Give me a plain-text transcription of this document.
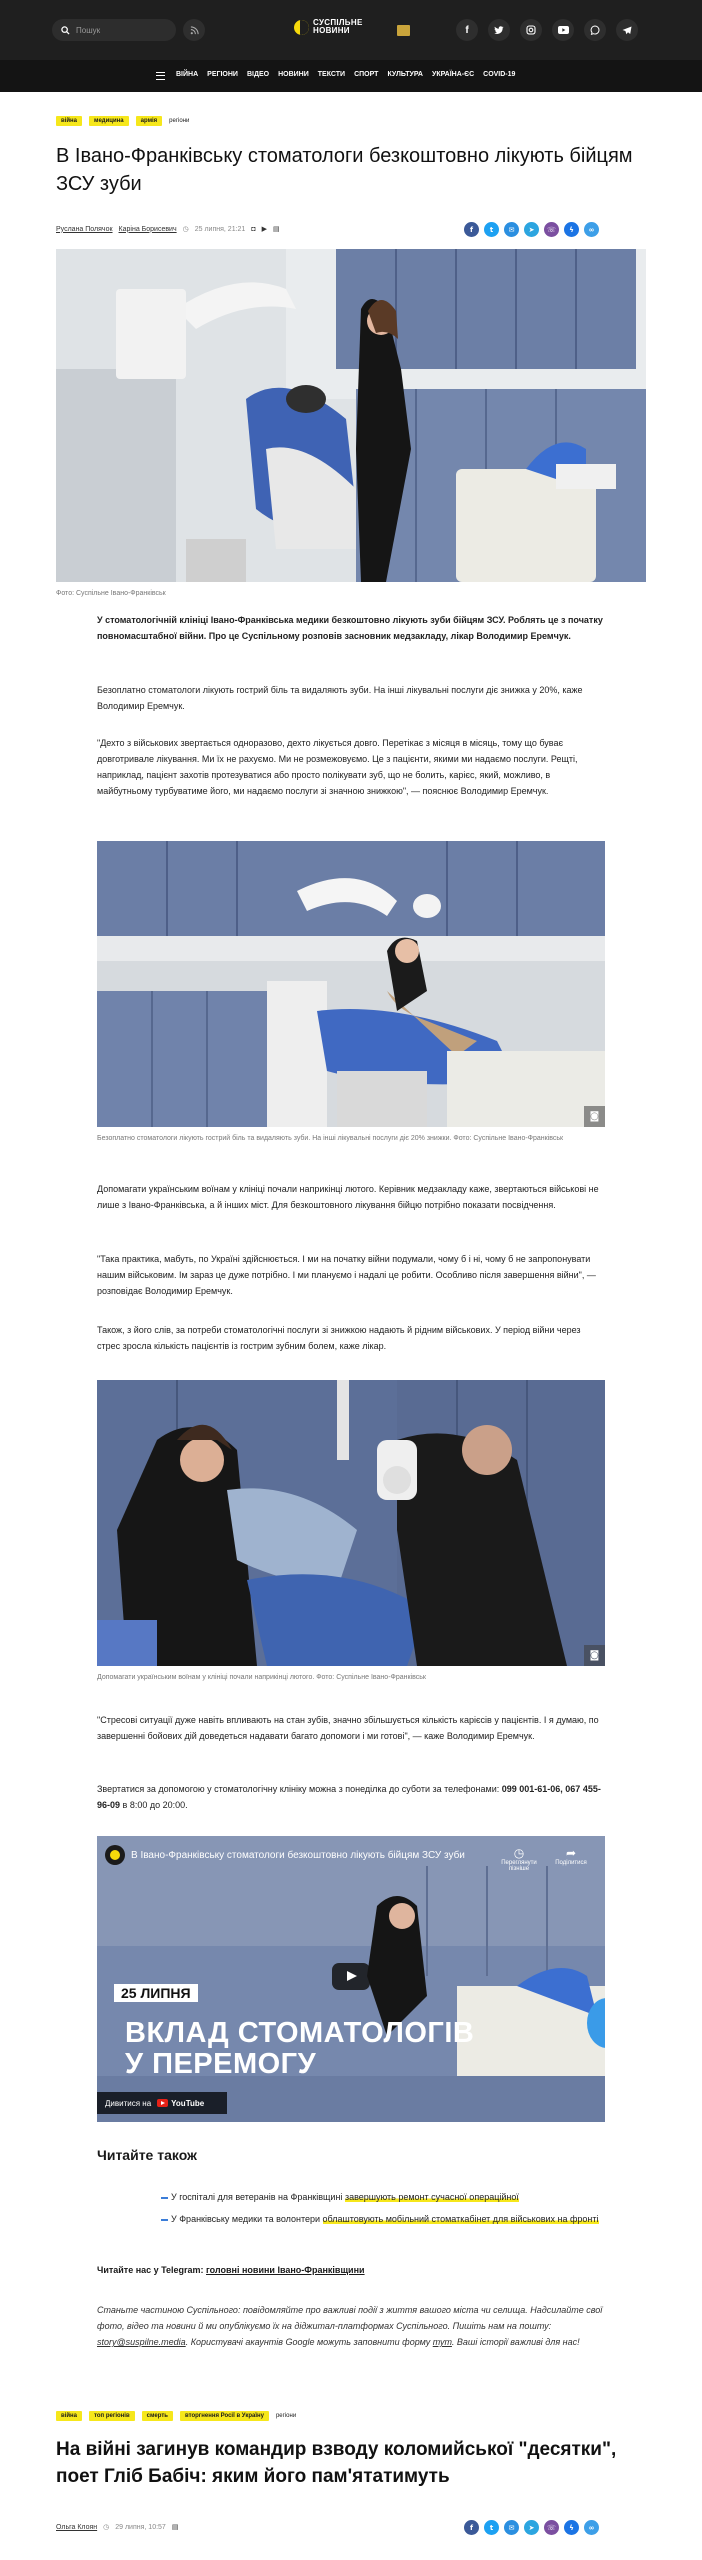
Пошук
СУСПІЛЬНЕ
НОВИНИ	f
ВІЙНА РЕГІОНИ ВІДЕО НОВИНИ ТЕКСТИ СПОРТ КУЛЬТУРА УКРАЇНА-ЄС COVID-19
війна	медицина	армія	регіони
В Івано-Франківську стоматологи безкоштовно лікують бійцям ЗСУ зуби
Руслана Полячок Каріна Борисевич ◷ 25 липня, 21:21 ◘ ▶ ▤	f	t	✉	➤	☏	ϟ	∞
Фото: Суспільне Івано-Франківськ
У стоматологічній клініці Івано-Франківська медики безкоштовно лікують зуби бійцям ЗСУ. Роблять це з початку повномасштабної війни. Про це Суспільному розповів засновник медзакладу, лікар Володимир Еремчук.
Безоплатно стоматологи лікують гострий біль та видаляють зуби. На інші лікувальні послуги діє знижка у 20%, каже Володимир Еремчук.
"Дехто з військових звертається одноразово, дехто лікується довго. Перетікає з місяця в місяць, тому що буває довготривале лікування. Ми їх не рахуємо. Ми не розмежовуємо. Це з пацієнти, якими ми надаємо послуги. Рещті, наприклад, пацієнт захотів протезуватися або просто полікувати зуб, що не болить, карієс, який, можливо, в майбутньому турбуватиме його, ми надаємо послуги зі значною знижкою", — пояснює Володимир Еремчук.
◙
Безоплатно стоматологи лікують гострий біль та видаляють зуби. На інші лікувальні послуги діє 20% знижки. Фото: Суспільне Івано-Франківськ
Допомагати українським воїнам у клініці почали наприкінці лютого. Керівник медзакладу каже, звертаються військові не лише з Івано-Франківська, а й інших міст. Для безкоштовного лікування бійцю потрібно показати посвідчення.
"Така практика, мабуть, по Україні здійснюється. І ми на початку війни подумали, чому б і ні, чому б не запропонувати нашим військовим. Ім зараз це дуже потрібно. І ми плануємо і надалі це робити. Особливо після завершення війни", — розповідає Володимир Еремчук.
Також, з його слів, за потреби стоматологічні послуги зі знижкою надають й рідним військових. У період війни через стрес зросла кількість пацієнтів із гострим зубним болем, каже лікар.
◙
Допомагати українським воїнам у клініці почали наприкінці лютого. Фото: Суспільне Івано-Франківськ
"Стресові ситуації дуже навіть впливають на стан зубів, значно збільшується кількість карієсів у пацієнтів. І я думаю, по завершенні бойових дій доведеться надавати багато допомоги і ми готові", — каже Володимир Еремчук.
Звертатися за допомогою у стоматологічну клініку можна з понеділка до суботи за телефонами: 099 001-61-06, 067 455-96-09 в 8:00 до 20:00.
В Івано-Франківську стоматологи безкоштовно лікують бійцям ЗСУ зуби	◷
Переглянути пізніше
➦
Поділитися
25 ЛИПНЯ
ВКЛАД СТОМАТОЛОГІВ
У ПЕРЕМОГУ
Дивитися на	YouTube
Читайте також
У госпіталі для ветеранів на Франківщині завершують ремонт сучасної операційної
У Франківську медики та волонтери облаштовують мобільний стоматкабінет для військових на фронті
Читайте нас у Telegram: головні новини Івано-Франківщини
Станьте частиною Суспільного: повідомляйте про важливі події з життя вашого міста чи селища. Надсилайте свої фото, відео та новини й ми опублікуємо їх на діджитал-платформах Суспільного. Пишіть нам на пошту: story@suspilne.media. Користувачі акаунтів Google можуть заповнити форму тут. Ваші історії важливі для нас!
війна	топ регіонів	смерть	вторгнення Росії в Україну	регіони
На війні загинув командир взводу коломийської "десятки", поет Гліб Бабіч: яким його пам'ятатимуть
Ольга Клоян ◷ 29 липня, 10:57 ▤	f	t	✉	➤	☏	ϟ	∞
